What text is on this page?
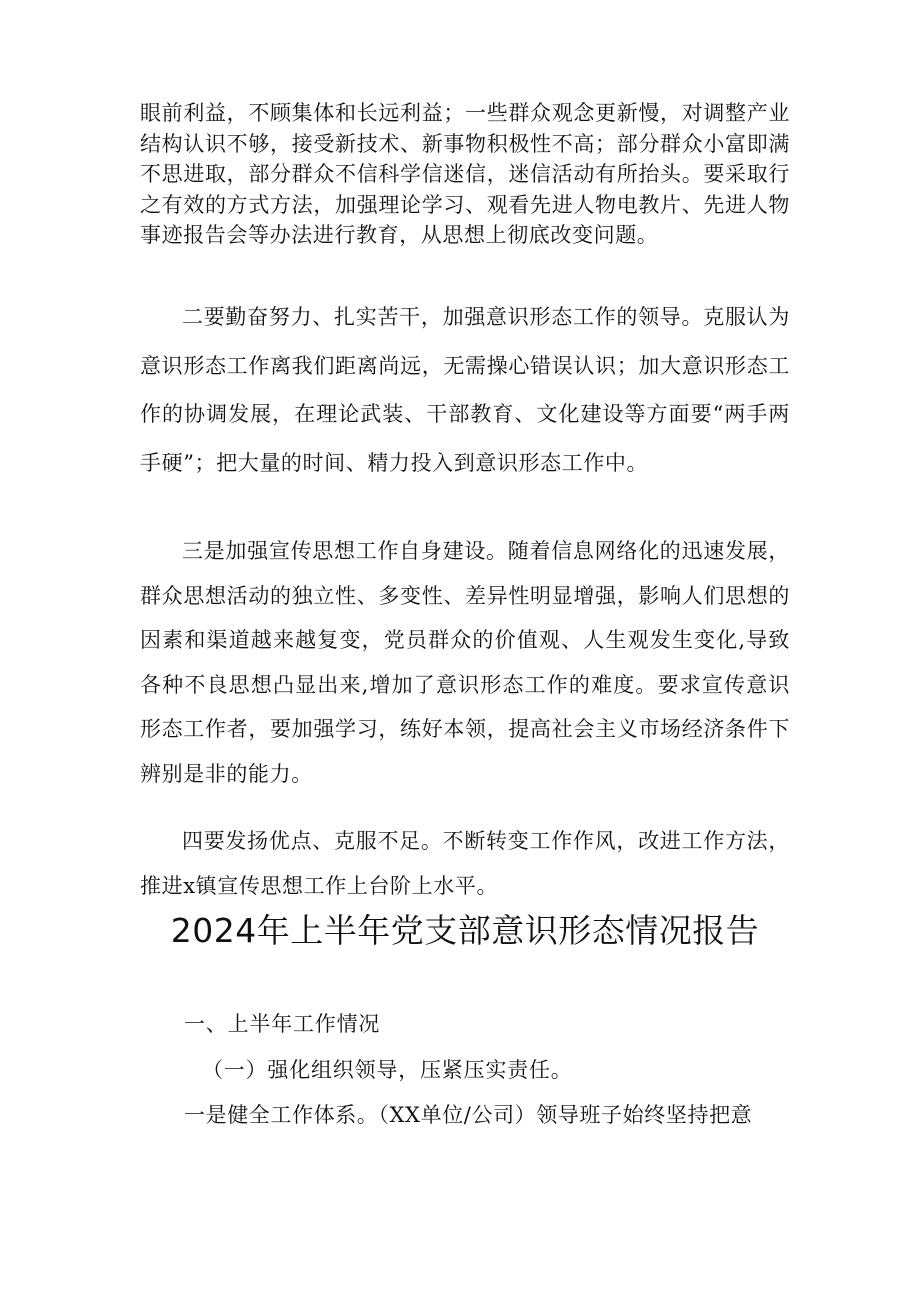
眼前利益，不顾集体和长远利益；一些群众观念更新慢，对调整产业结构认识不够，接受新技术、新事物积极性不高；部分群众小富即满不思进取，部分群众不信科学信迷信，迷信活动有所抬头。要采取行之有效的方式方法，加强理论学习、观看先进人物电教片、先进人物事迹报告会等办法进行教育，从思想上彻底改变问题。

二要勤奋努力、扎实苦干，加强意识形态工作的领导。克服认为意识形态工作离我们距离尚远，无需操心错误认识；加大意识形态工作的协调发展，在理论武装、干部教育、文化建设等方面要“两手两手硬”；把大量的时间、精力投入到意识形态工作中。

三是加强宣传思想工作自身建设。随着信息网络化的迅速发展，群众思想活动的独立性、多变性、差异性明显增强，影响人们思想的因素和渠道越来越复变，党员群众的价值观、人生观发生变化,导致各种不良思想凸显出来,增加了意识形态工作的难度。要求宣传意识形态工作者，要加强学习，练好本领，提高社会主义市场经济条件下辨别是非的能力。

四要发扬优点、克服不足。不断转变工作作风，改进工作方法，推进x镇宣传思想工作上台阶上水平。

2024年上半年党支部意识形态情况报告

一、上半年工作情况

（一）强化组织领导，压紧压实责任。

一是健全工作体系。（XX单位/公司）领导班子始终坚持把意
